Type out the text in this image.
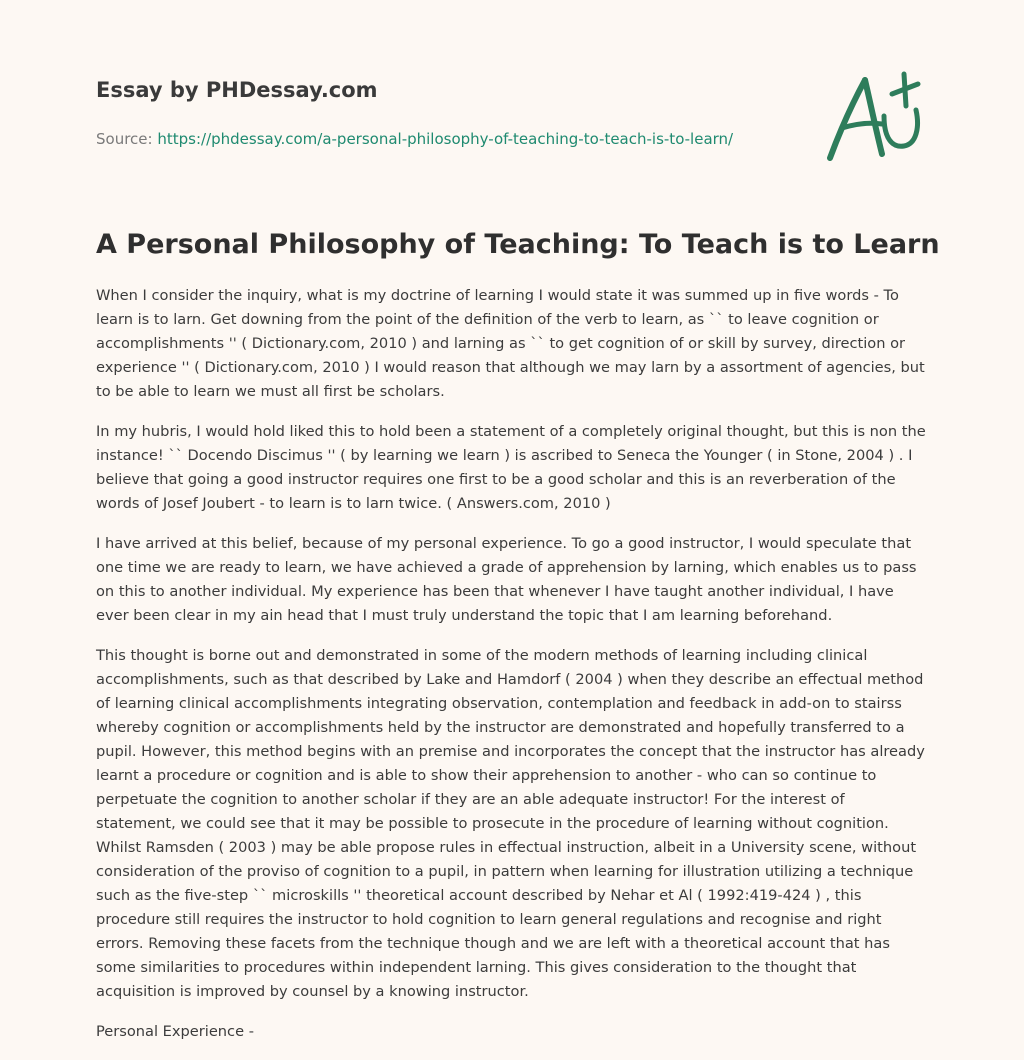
Essay by PHDessay.com
Source: https://phdessay.com/a-personal-philosophy-of-teaching-to-teach-is-to-learn/
A Personal Philosophy of Teaching: To Teach is to Learn

When I consider the inquiry, what is my doctrine of learning I would state it was summed up in five words - To learn is to larn. Get downing from the point of the definition of the verb to learn, as `` to leave cognition or accomplishments '' ( Dictionary.com, 2010 ) and larning as `` to get cognition of or skill by survey, direction or experience '' ( Dictionary.com, 2010 ) I would reason that although we may larn by a assortment of agencies, but to be able to learn we must all first be scholars.

In my hubris, I would hold liked this to hold been a statement of a completely original thought, but this is non the instance! `` Docendo Discimus '' ( by learning we learn ) is ascribed to Seneca the Younger ( in Stone, 2004 ) . I believe that going a good instructor requires one first to be a good scholar and this is an reverberation of the words of Josef Joubert - to learn is to larn twice. ( Answers.com, 2010 )

I have arrived at this belief, because of my personal experience. To go a good instructor, I would speculate that one time we are ready to learn, we have achieved a grade of apprehension by larning, which enables us to pass on this to another individual. My experience has been that whenever I have taught another individual, I have ever been clear in my ain head that I must truly understand the topic that I am learning beforehand.

This thought is borne out and demonstrated in some of the modern methods of learning including clinical accomplishments, such as that described by Lake and Hamdorf ( 2004 ) when they describe an effectual method of learning clinical accomplishments integrating observation, contemplation and feedback in add-on to stairss whereby cognition or accomplishments held by the instructor are demonstrated and hopefully transferred to a pupil. However, this method begins with an premise and incorporates the concept that the instructor has already learnt a procedure or cognition and is able to show their apprehension to another - who can so continue to perpetuate the cognition to another scholar if they are an able adequate instructor! For the interest of statement, we could see that it may be possible to prosecute in the procedure of learning without cognition. Whilst Ramsden ( 2003 ) may be able propose rules in effectual instruction, albeit in a University scene, without consideration of the proviso of cognition to a pupil, in pattern when learning for illustration utilizing a technique such as the five-step `` microskills '' theoretical account described by Nehar et Al ( 1992:419-424 ) , this procedure still requires the instructor to hold cognition to learn general regulations and recognise and right errors. Removing these facets from the technique though and we are left with a theoretical account that has some similarities to procedures within independent larning. This gives consideration to the thought that acquisition is improved by counsel by a knowing instructor.

Personal Experience -
